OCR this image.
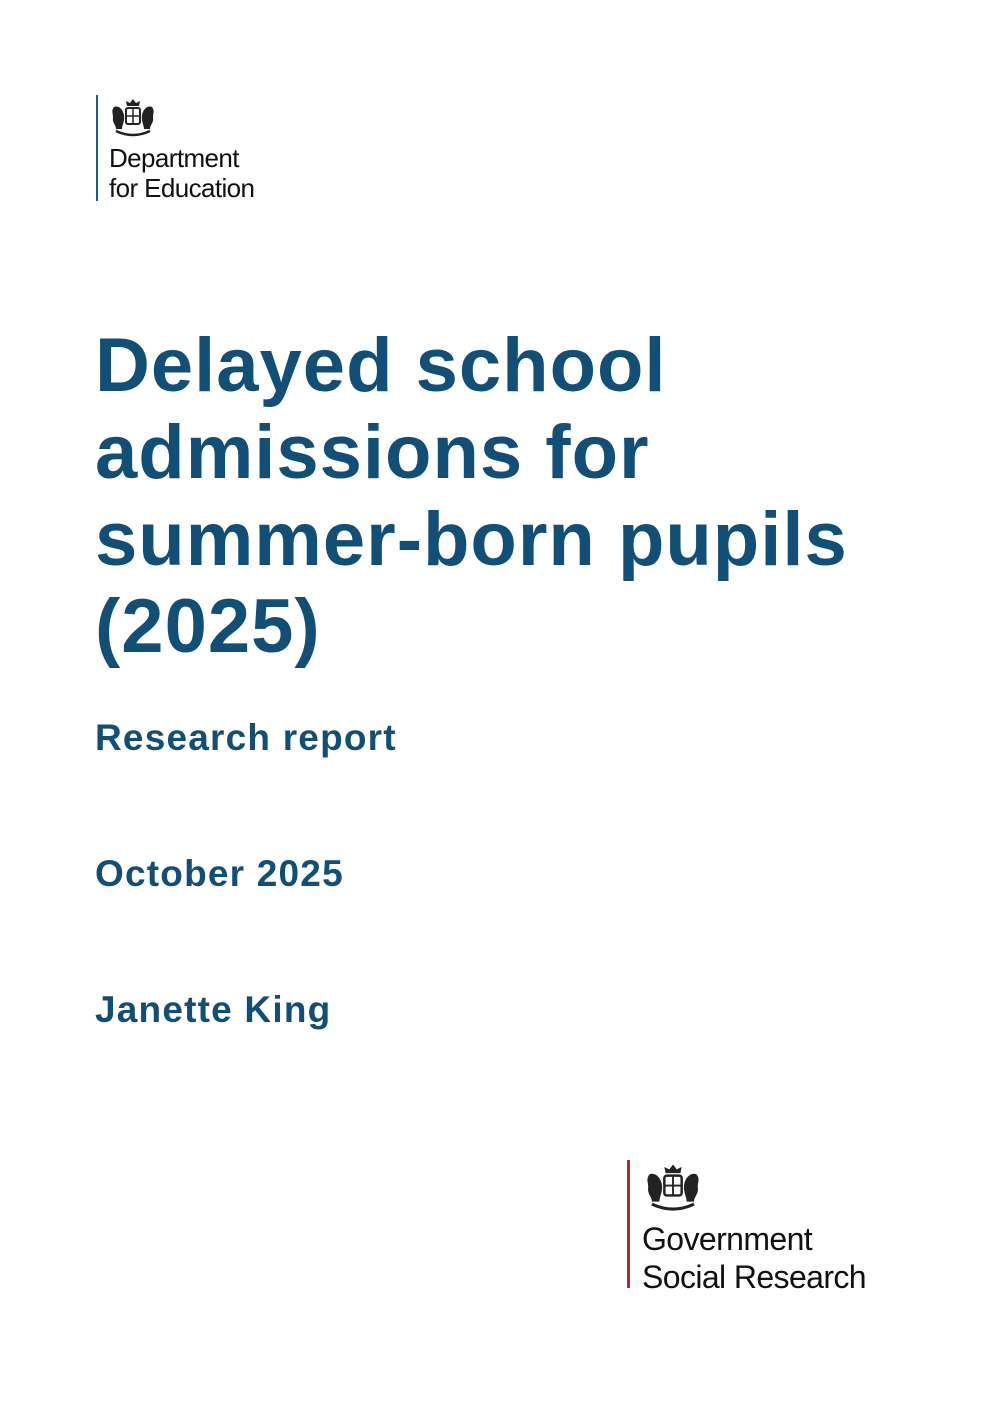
Department
for Education
Delayed school admissions for summer-born pupils (2025)

Research report

October 2025

Janette King

Government
Social Research
